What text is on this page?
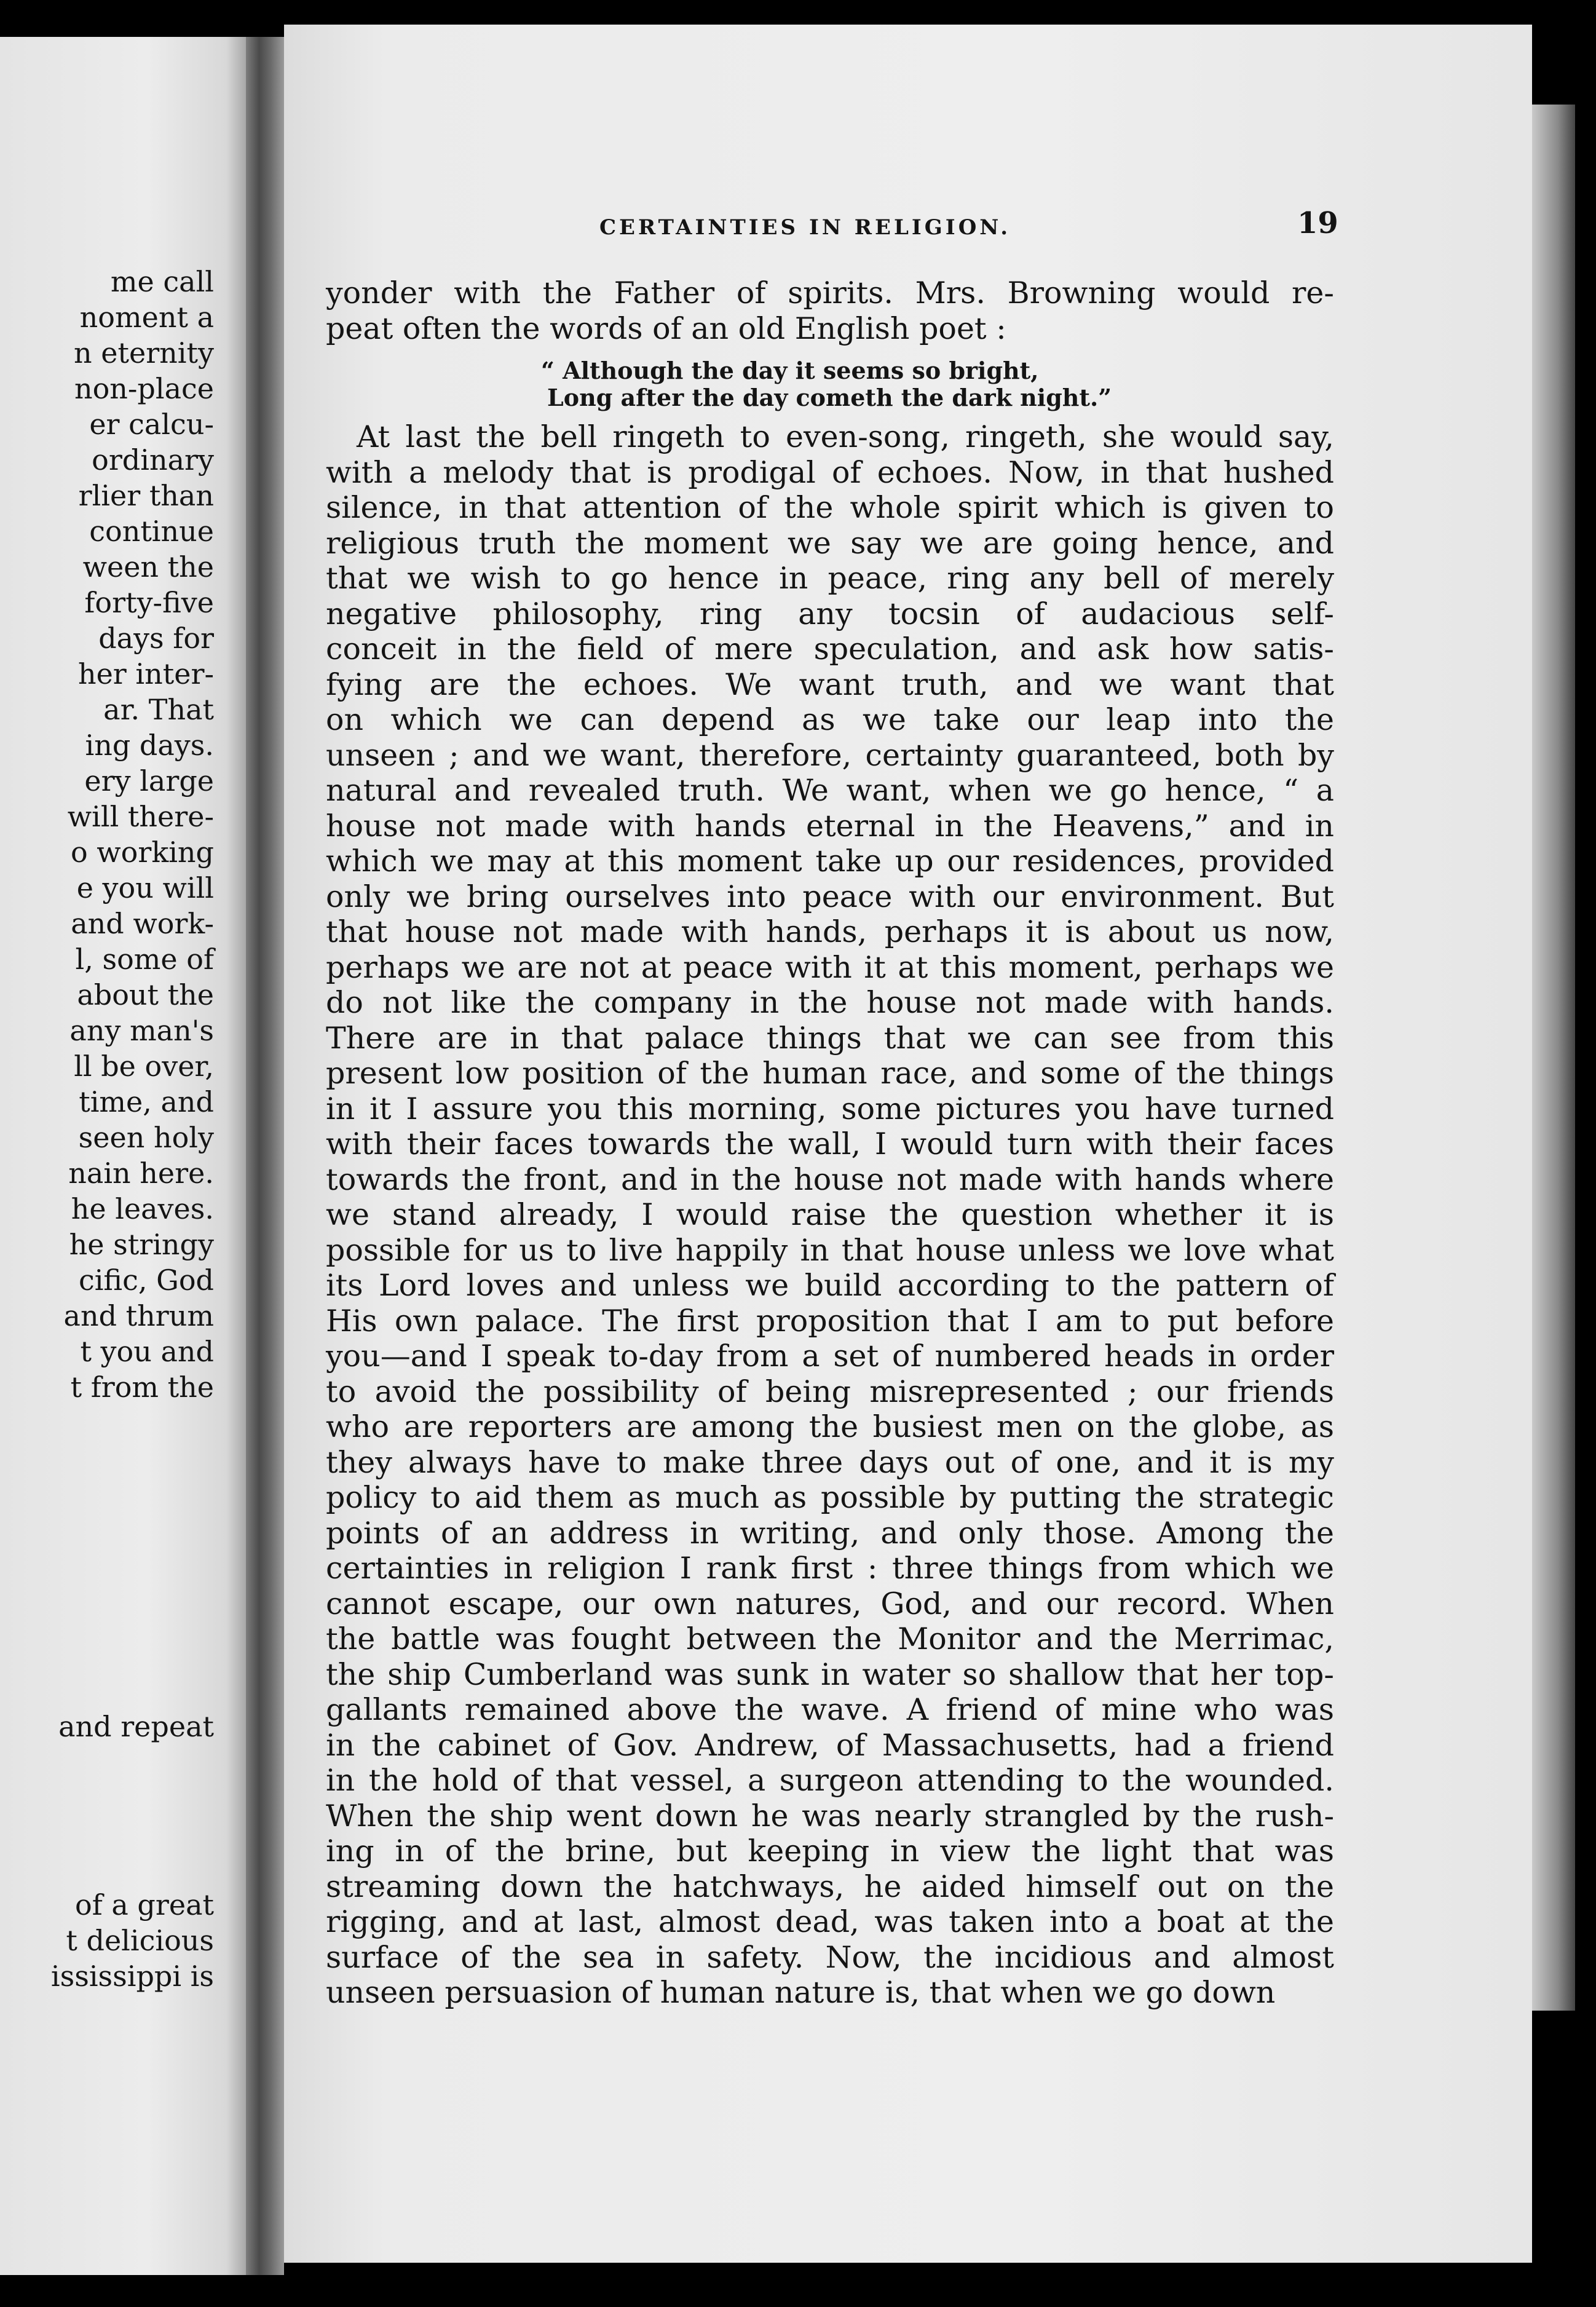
me call
noment a
n eternity
non-place
er calcu-
ordinary
rlier than
continue
ween the
forty-five
days for
her inter-
ar. That
ing days.
ery large
will there-
o working
e you will
and work-
l, some of
about the
any man's
ll be over,
time, and
seen holy
nain here.
he leaves.
he stringy
cific, God
and thrum
t you and
t from the
and repeat
of a great
t delicious
ississippi is
CERTAINTIES IN RELIGION.	19
yonder with the Father of spirits. Mrs. Browning would re-
peat often the words of an old English poet :
“ Although the day it seems so bright,
Long after the day cometh the dark night.”
At last the bell ringeth to even-song, ringeth, she would say,
with a melody that is prodigal of echoes. Now, in that hushed
silence, in that attention of the whole spirit which is given to
religious truth the moment we say we are going hence, and
that we wish to go hence in peace, ring any bell of merely
negative philosophy, ring any tocsin of audacious self-
conceit in the field of mere speculation, and ask how satis-
fying are the echoes. We want truth, and we want that
on which we can depend as we take our leap into the
unseen ; and we want, therefore, certainty guaranteed, both by
natural and revealed truth. We want, when we go hence, “ a
house not made with hands eternal in the Heavens,” and in
which we may at this moment take up our residences, provided
only we bring ourselves into peace with our environment. But
that house not made with hands, perhaps it is about us now,
perhaps we are not at peace with it at this moment, perhaps we
do not like the company in the house not made with hands.
There are in that palace things that we can see from this
present low position of the human race, and some of the things
in it I assure you this morning, some pictures you have turned
with their faces towards the wall, I would turn with their faces
towards the front, and in the house not made with hands where
we stand already, I would raise the question whether it is
possible for us to live happily in that house unless we love what
its Lord loves and unless we build according to the pattern of
His own palace. The first proposition that I am to put before
you—and I speak to-day from a set of numbered heads in order
to avoid the possibility of being misrepresented ; our friends
who are reporters are among the busiest men on the globe, as
they always have to make three days out of one, and it is my
policy to aid them as much as possible by putting the strategic
points of an address in writing, and only those. Among the
certainties in religion I rank first : three things from which we
cannot escape, our own natures, God, and our record. When
the battle was fought between the Monitor and the Merrimac,
the ship Cumberland was sunk in water so shallow that her top-
gallants remained above the wave. A friend of mine who was
in the cabinet of Gov. Andrew, of Massachusetts, had a friend
in the hold of that vessel, a surgeon attending to the wounded.
When the ship went down he was nearly strangled by the rush-
ing in of the brine, but keeping in view the light that was
streaming down the hatchways, he aided himself out on the
rigging, and at last, almost dead, was taken into a boat at the
surface of the sea in safety. Now, the incidious and almost
unseen persuasion of human nature is, that when we go down
